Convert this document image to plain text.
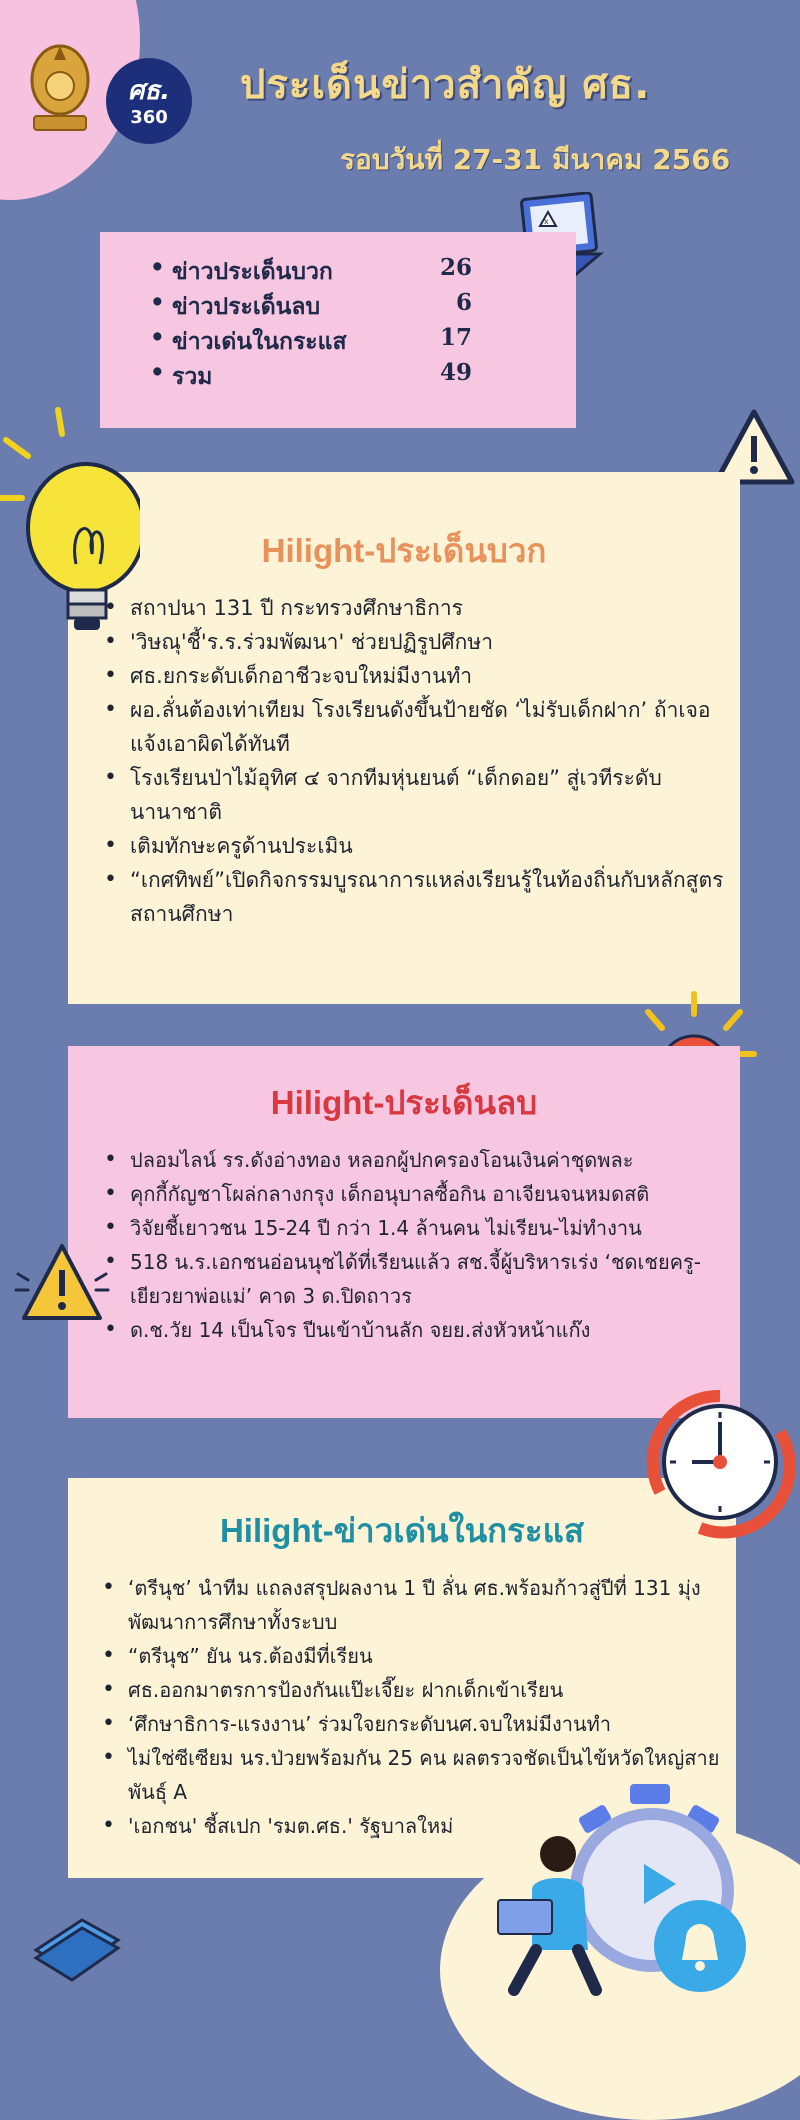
ศธ.
360
ประเด็นข่าวสำคัญ ศธ.
รอบวันที่ 27-31 มีนาคม 2566
x
• ข่าวประเด็นบวก	26
• ข่าวประเด็นลบ	6
• ข่าวเด่นในกระแส	17
• รวม	49
Hilight-ประเด็นบวก
• สถาปนา 131 ปี กระทรวงศึกษาธิการ
• 'วิษณุ'ชี้'ร.ร.ร่วมพัฒนา' ช่วยปฏิรูปศึกษา
• ศธ.ยกระดับเด็กอาชีวะจบใหม่มีงานทำ
• ผอ.ลั่นต้องเท่าเทียม โรงเรียนดังขึ้นป้ายชัด ‘ไม่รับเด็กฝาก’ ถ้าเจอแจ้งเอาผิดได้ทันที
• โรงเรียนป่าไม้อุทิศ ๔ จากทีมหุ่นยนต์ “เด็กดอย” สู่เวทีระดับนานาชาติ
• เติมทักษะครูด้านประเมิน
• “เกศทิพย์”เปิดกิจกรรมบูรณาการแหล่งเรียนรู้ในท้องถิ่นกับหลักสูตรสถานศึกษา
Hilight-ประเด็นลบ
• ปลอมไลน์ รร.ดังอ่างทอง หลอกผู้ปกครองโอนเงินค่าชุดพละ
• คุกกี้กัญชาโผล่กลางกรุง เด็กอนุบาลซื้อกิน อาเจียนจนหมดสติ
• วิจัยชี้เยาวชน 15-24 ปี กว่า 1.4 ล้านคน ไม่เรียน-ไม่ทำงาน
• 518 น.ร.เอกชนอ่อนนุชได้ที่เรียนแล้ว สช.จี้ผู้บริหารเร่ง ‘ชดเชยครู-เยียวยาพ่อแม่’ คาด 3 ด.ปิดถาวร
• ด.ช.วัย 14 เป็นโจร ปีนเข้าบ้านลัก จยย.ส่งหัวหน้าแก๊ง
Hilight-ข่าวเด่นในกระแส
• ‘ตรีนุช’ นำทีม แถลงสรุปผลงาน 1 ปี ลั่น ศธ.พร้อมก้าวสู่ปีที่ 131 มุ่งพัฒนาการศึกษาทั้งระบบ
• “ตรีนุช” ยัน นร.ต้องมีที่เรียน
• ศธ.ออกมาตรการป้องกันแป๊ะเจี๊ยะ ฝากเด็กเข้าเรียน
• ‘ศึกษาธิการ-แรงงาน’ ร่วมใจยกระดับนศ.จบใหม่มีงานทำ
• ไม่ใช่ซีเซียม นร.ป่วยพร้อมกัน 25 คน ผลตรวจชัดเป็นไข้หวัดใหญ่สายพันธุ์ A
• 'เอกชน' ชี้สเปก 'รมต.ศธ.' รัฐบาลใหม่
